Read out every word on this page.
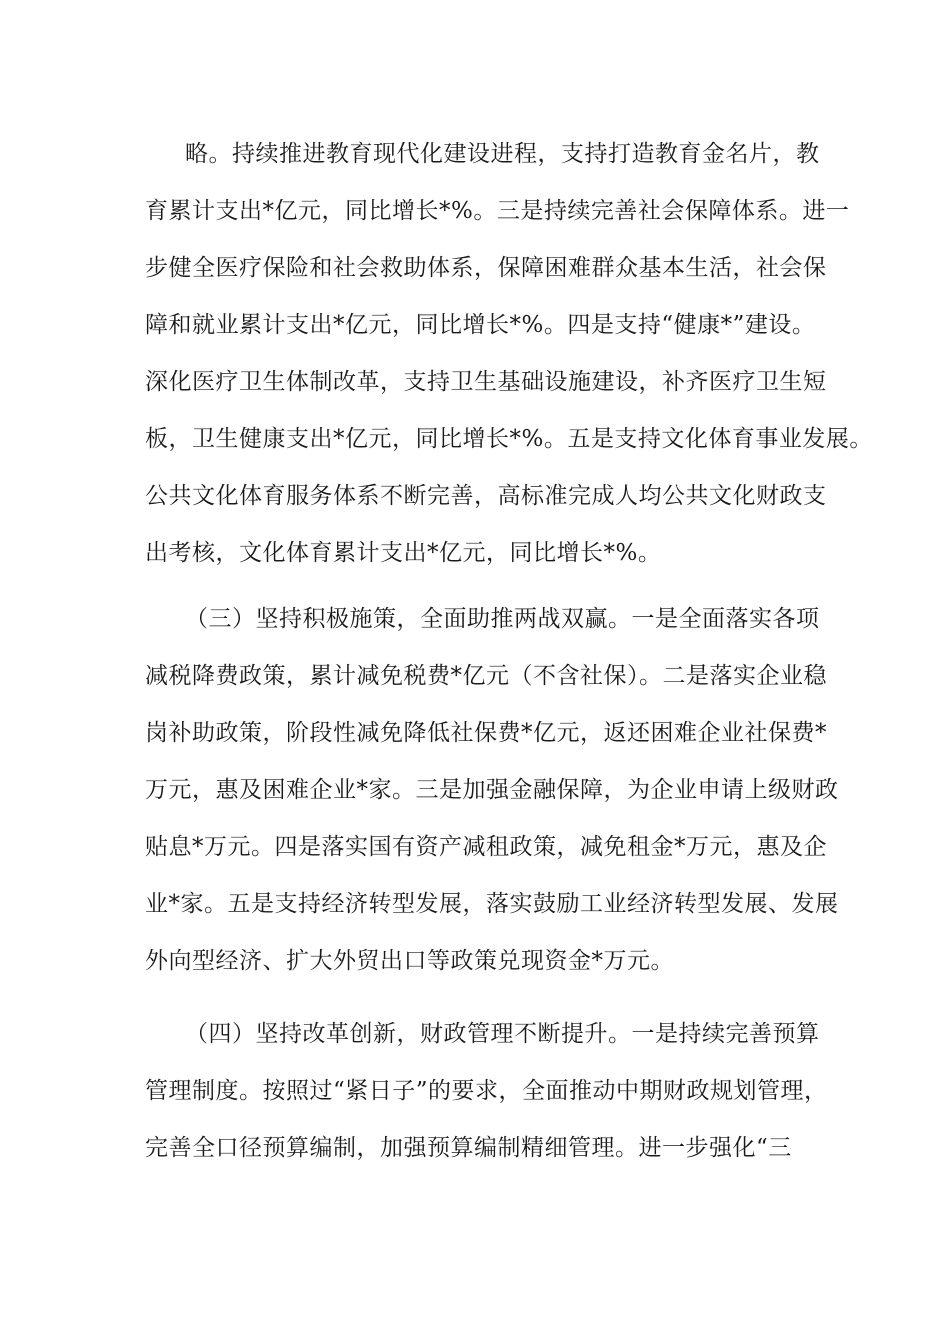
略。持续推进教育现代化建设进程，支持打造教育金名片，教
育累计支出*亿元，同比增长*%。三是持续完善社会保障体系。进一
步健全医疗保险和社会救助体系，保障困难群众基本生活，社会保
障和就业累计支出*亿元，同比增长*%。四是支持“健康*”建设。
深化医疗卫生体制改革，支持卫生基础设施建设，补齐医疗卫生短
板，卫生健康支出*亿元，同比增长*%。五是支持文化体育事业发展。
公共文化体育服务体系不断完善，高标准完成人均公共文化财政支
出考核，文化体育累计支出*亿元，同比增长*%。
（三）坚持积极施策，全面助推两战双赢。一是全面落实各项
减税降费政策，累计减免税费*亿元（不含社保）。二是落实企业稳
岗补助政策，阶段性减免降低社保费*亿元，返还困难企业社保费*
万元，惠及困难企业*家。三是加强金融保障，为企业申请上级财政
贴息*万元。四是落实国有资产减租政策，减免租金*万元，惠及企
业*家。五是支持经济转型发展，落实鼓励工业经济转型发展、发展
外向型经济、扩大外贸出口等政策兑现资金*万元。
（四）坚持改革创新，财政管理不断提升。一是持续完善预算
管理制度。按照过“紧日子”的要求，全面推动中期财政规划管理，
完善全口径预算编制，加强预算编制精细管理。进一步强化“三
